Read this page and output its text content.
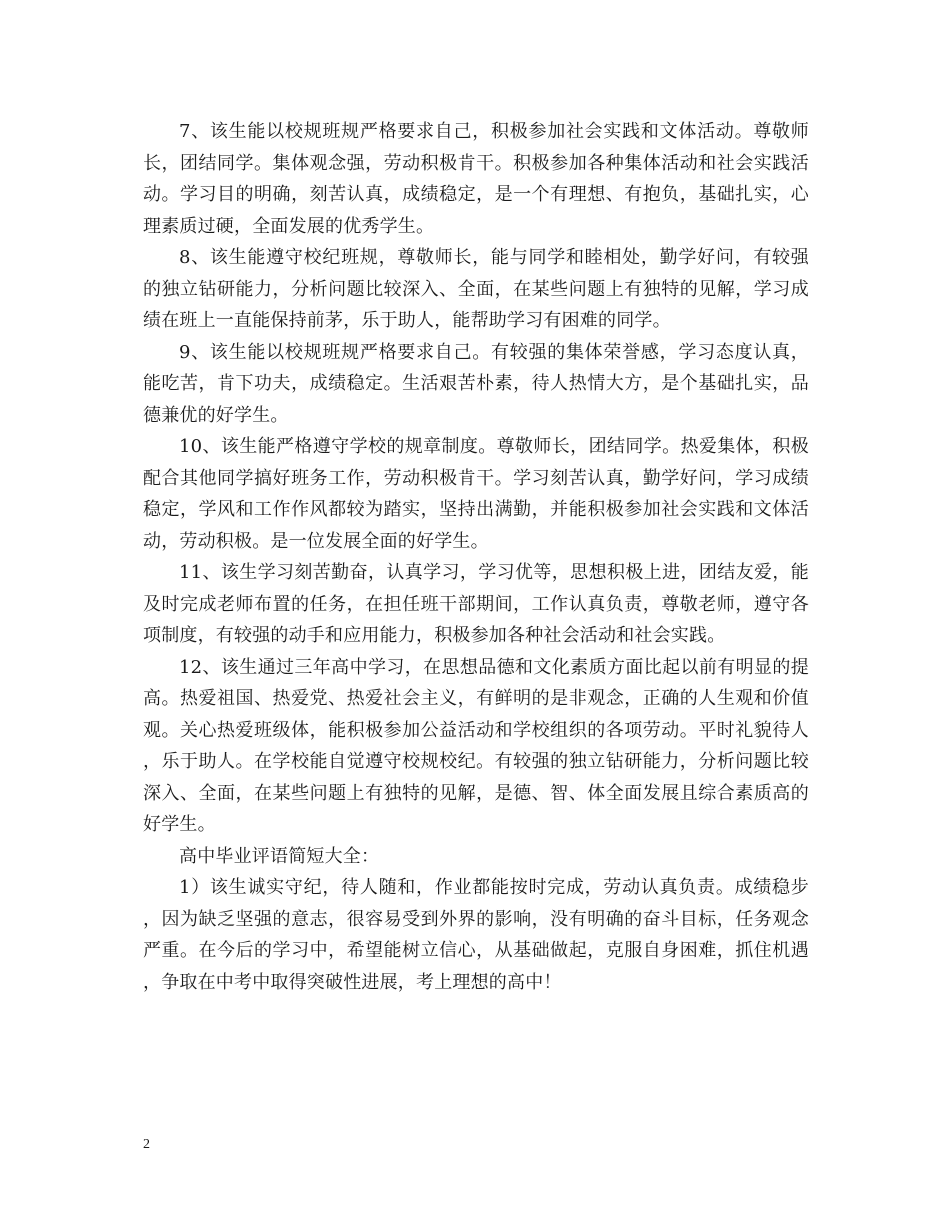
7、该生能以校规班规严格要求自己，积极参加社会实践和文体活动。尊敬师长，团结同学。集体观念强，劳动积极肯干。积极参加各种集体活动和社会实践活动。学习目的明确，刻苦认真，成绩稳定，是一个有理想、有抱负，基础扎实，心理素质过硬，全面发展的优秀学生。

8、该生能遵守校纪班规，尊敬师长，能与同学和睦相处，勤学好问，有较强的独立钻研能力，分析问题比较深入、全面，在某些问题上有独特的见解，学习成绩在班上一直能保持前茅，乐于助人，能帮助学习有困难的同学。

9、该生能以校规班规严格要求自己。有较强的集体荣誉感，学习态度认真，能吃苦，肯下功夫，成绩稳定。生活艰苦朴素，待人热情大方，是个基础扎实，品德兼优的好学生。

10、该生能严格遵守学校的规章制度。尊敬师长，团结同学。热爱集体，积极配合其他同学搞好班务工作，劳动积极肯干。学习刻苦认真，勤学好问，学习成绩稳定，学风和工作作风都较为踏实，坚持出满勤，并能积极参加社会实践和文体活动，劳动积极。是一位发展全面的好学生。

11、该生学习刻苦勤奋，认真学习，学习优等，思想积极上进，团结友爱，能及时完成老师布置的任务，在担任班干部期间，工作认真负责，尊敬老师，遵守各项制度，有较强的动手和应用能力，积极参加各种社会活动和社会实践。

12、该生通过三年高中学习，在思想品德和文化素质方面比起以前有明显的提高。热爱祖国、热爱党、热爱社会主义，有鲜明的是非观念，正确的人生观和价值观。关心热爱班级体，能积极参加公益活动和学校组织的各项劳动。平时礼貌待人，乐于助人。在学校能自觉遵守校规校纪。有较强的独立钻研能力，分析问题比较深入、全面，在某些问题上有独特的见解，是德、智、体全面发展且综合素质高的好学生。

高中毕业评语简短大全：

1）该生诚实守纪，待人随和，作业都能按时完成，劳动认真负责。成绩稳步，因为缺乏坚强的意志，很容易受到外界的影响，没有明确的奋斗目标，任务观念严重。在今后的学习中，希望能树立信心，从基础做起，克服自身困难，抓住机遇，争取在中考中取得突破性进展，考上理想的高中！

2
